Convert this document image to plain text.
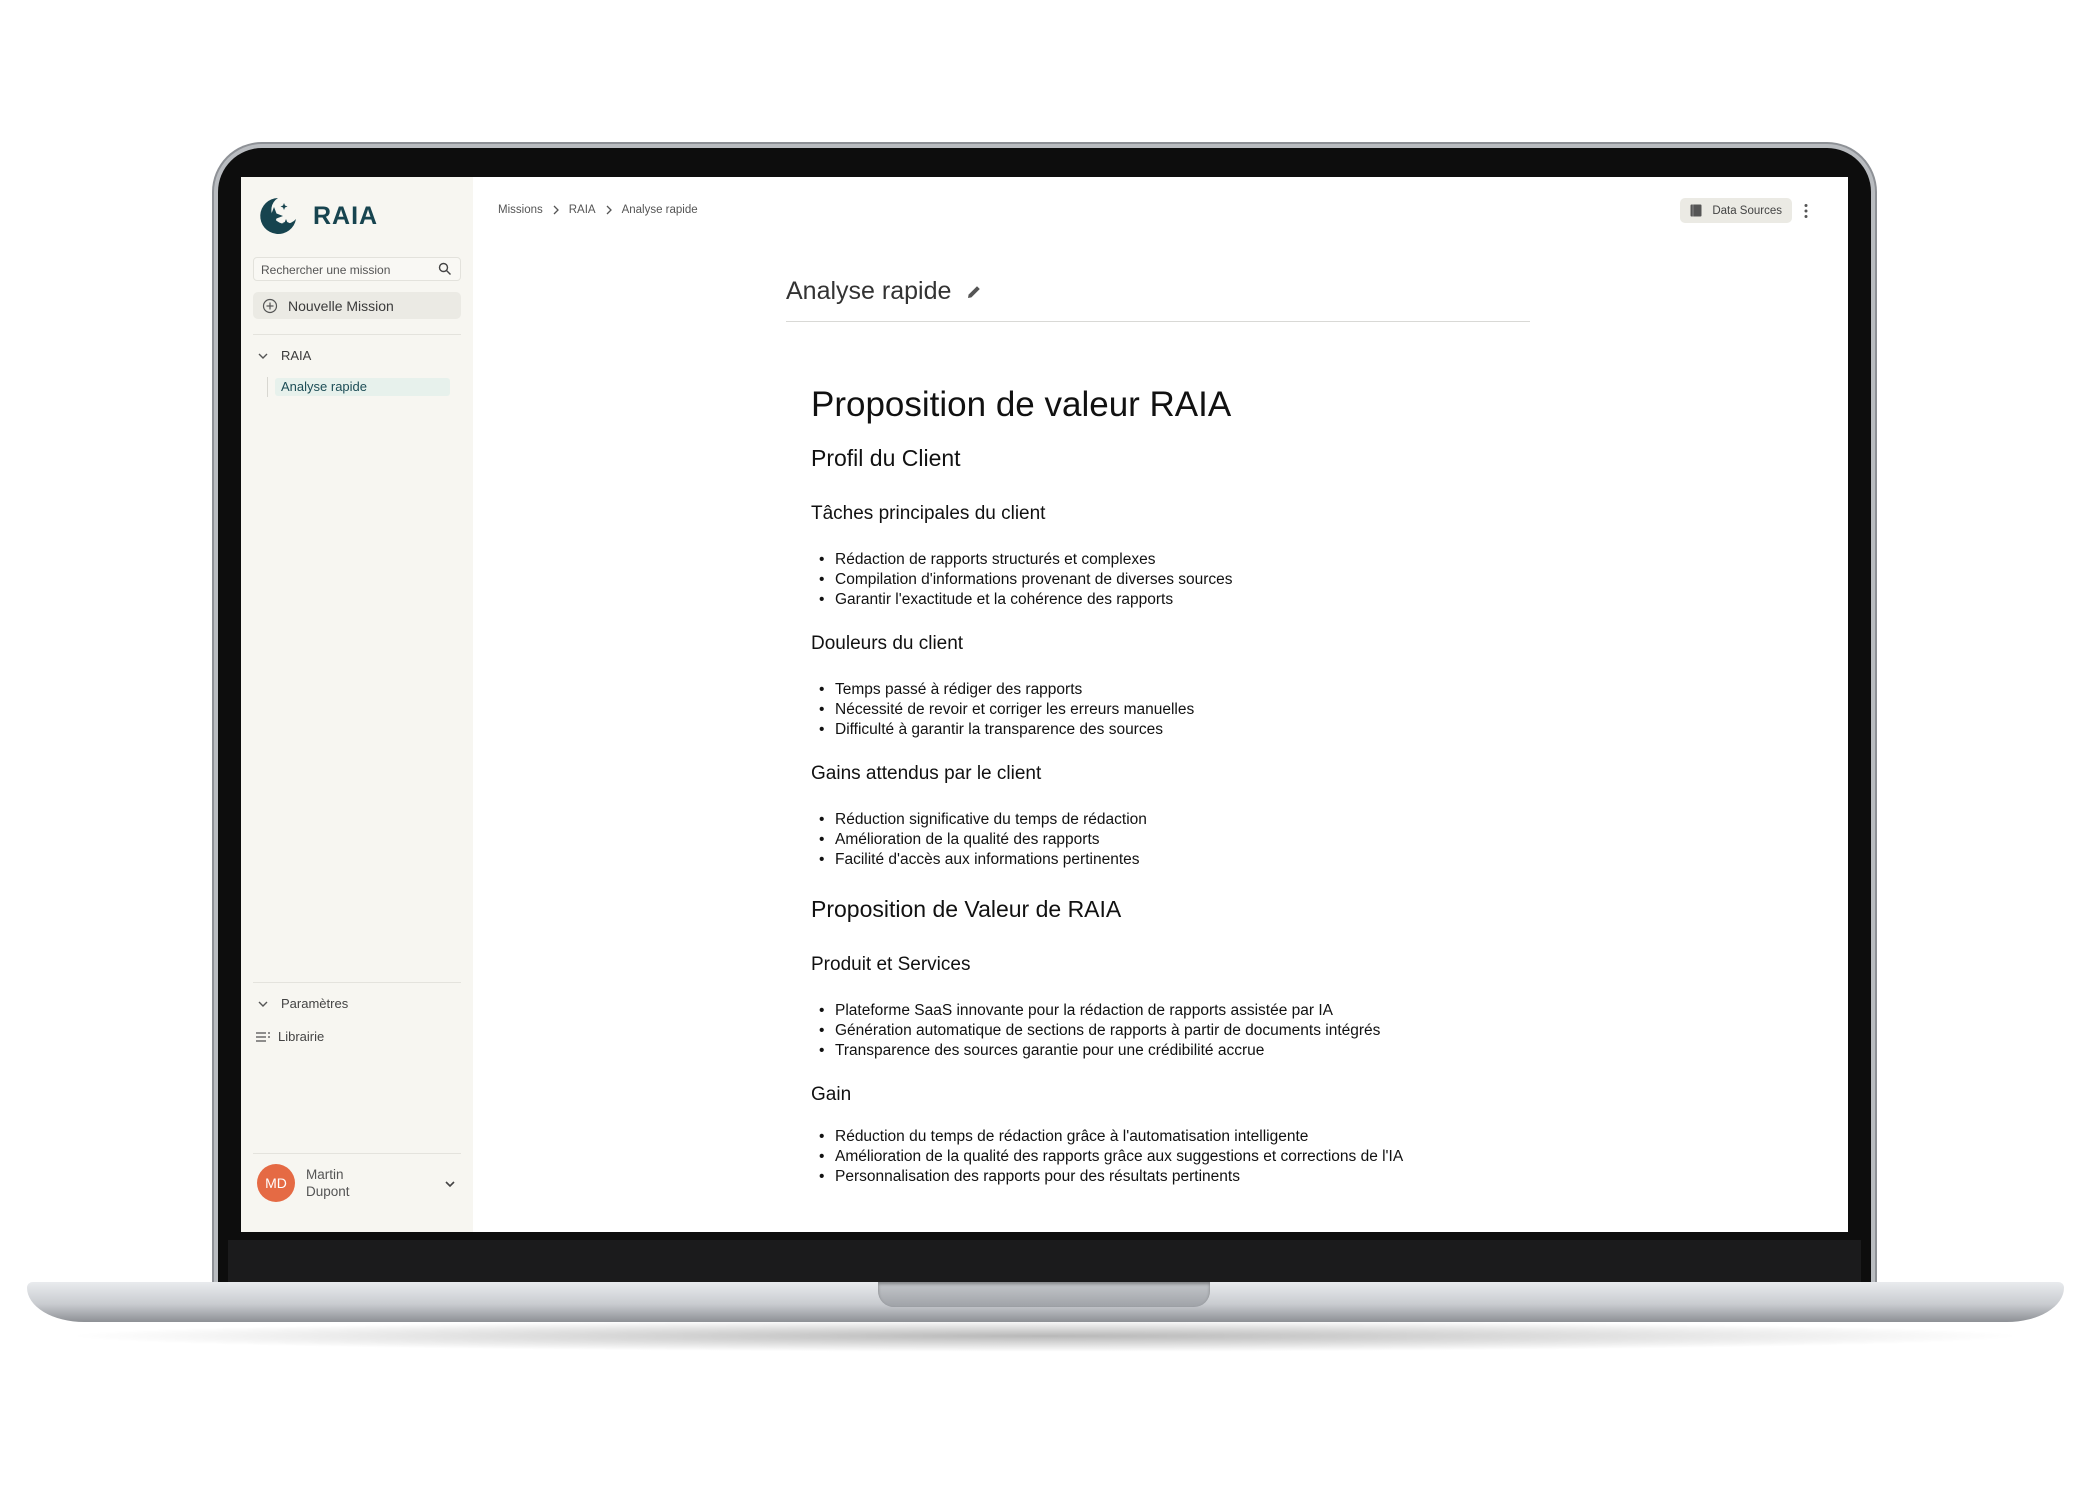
RAIA
Rechercher une mission
Nouvelle Mission
RAIA
Analyse rapide
Paramètres
Librairie
MD
Martin
Dupont
Missions RAIA Analyse rapide	Data Sources
Analyse rapide
Proposition de valeur RAIA
Profil du Client
Tâches principales du client
• Rédaction de rapports structurés et complexes
• Compilation d'informations provenant de diverses sources
• Garantir l'exactitude et la cohérence des rapports
Douleurs du client
• Temps passé à rédiger des rapports
• Nécessité de revoir et corriger les erreurs manuelles
• Difficulté à garantir la transparence des sources
Gains attendus par le client
• Réduction significative du temps de rédaction
• Amélioration de la qualité des rapports
• Facilité d'accès aux informations pertinentes
Proposition de Valeur de RAIA
Produit et Services
• Plateforme SaaS innovante pour la rédaction de rapports assistée par IA
• Génération automatique de sections de rapports à partir de documents intégrés
• Transparence des sources garantie pour une crédibilité accrue
Gain
• Réduction du temps de rédaction grâce à l'automatisation intelligente
• Amélioration de la qualité des rapports grâce aux suggestions et corrections de l'IA
• Personnalisation des rapports pour des résultats pertinents
